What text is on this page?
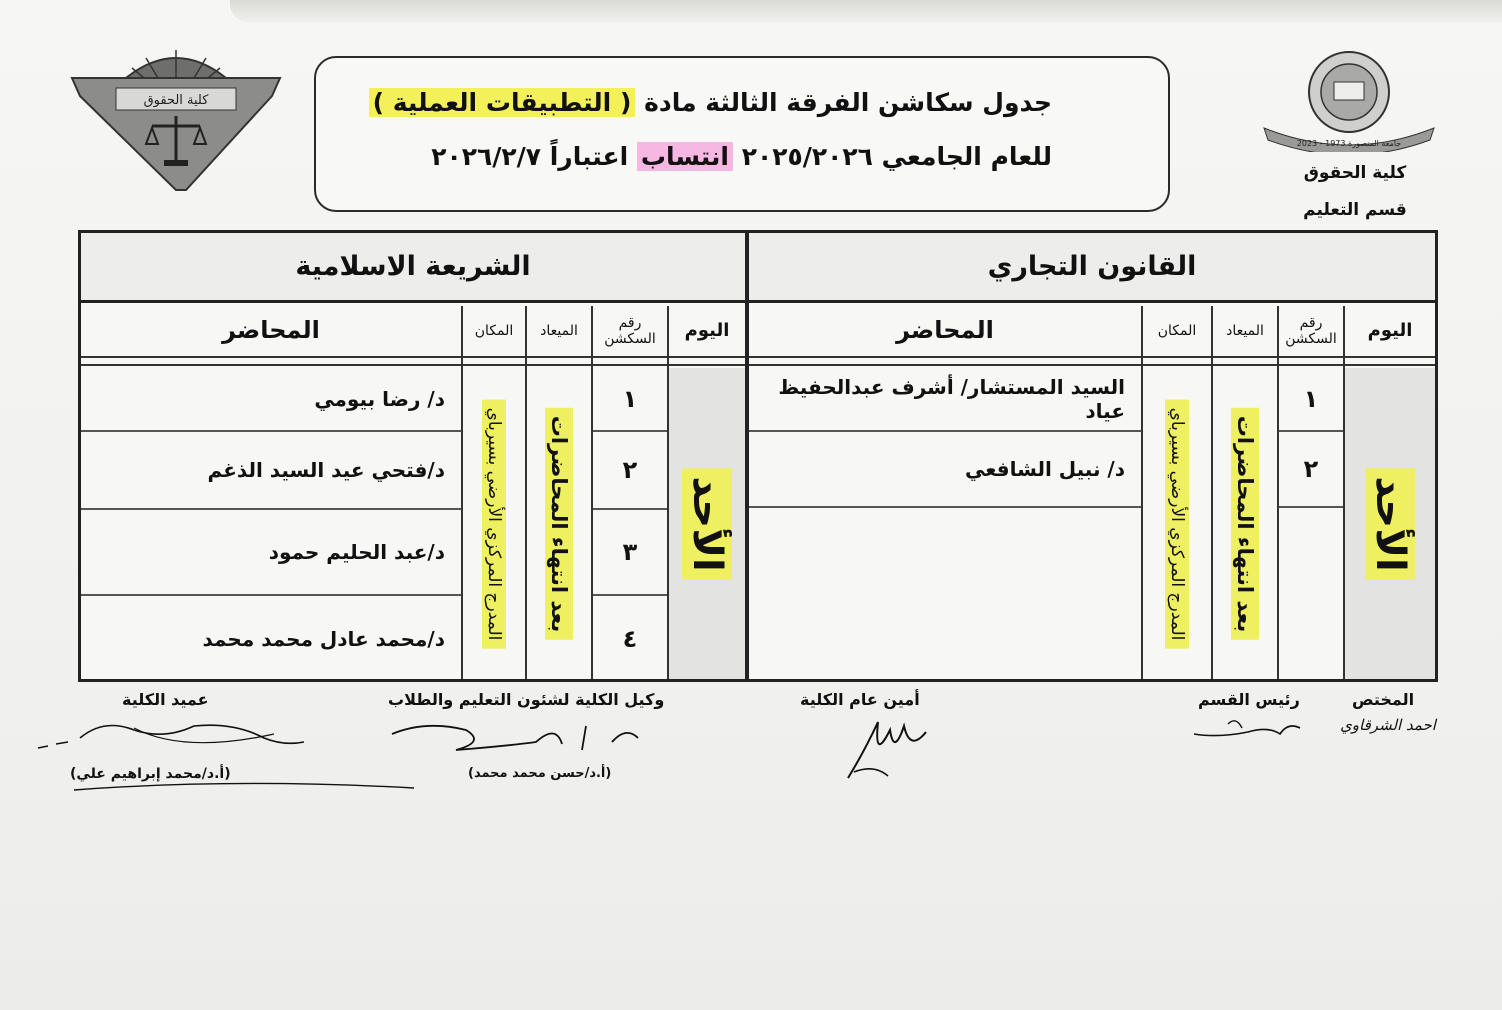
كلية الحقوق
جامعة المنصورة 1973 - 2023
كلية الحقوق
قسم التعليم
جدول سكاشن الفرقة الثالثة مادة ( التطبيقات العملية )
للعام الجامعي ٢٠٢٥/٢٠٢٦ انتساب اعتباراً ٢٠٢٦/٢/٧
القانون التجاري
اليوم
الأحد
رقم السكشن
١
٢
الميعاد
بعد انتهاء المحاضرات
المكان
المدرج المركزي الأرضي بسيرباي
المحاضر
السيد المستشار/ أشرف عبدالحفيظ عياد
د/ نبيل الشافعي
الشريعة الاسلامية
اليوم
الأحد
رقم السكشن
١
٢
٣
٤
الميعاد
بعد انتهاء المحاضرات
المكان
المدرج المركزي الأرضي بسيرباي
المحاضر
د/ رضا بيومي
د/فتحي عيد السيد الذغم
د/عبد الحليم حمود
د/محمد عادل محمد محمد
المختص
احمد الشرقاوي
رئيس القسم
أمين عام الكلية
وكيل الكلية لشئون التعليم والطلاب
(أ.د/حسن محمد محمد)
عميد الكلية
(أ.د/محمد إبراهيم علي)
